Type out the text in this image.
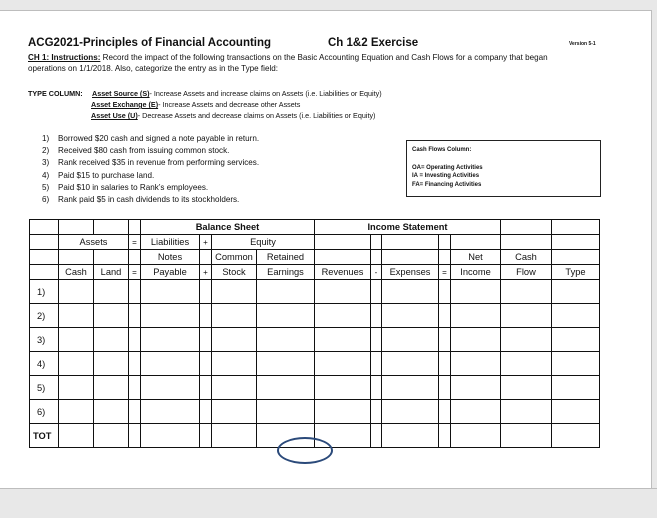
ACG2021-Principles of Financial Accounting	Ch 1&2 Exercise	Version 5-1
CH 1: Instructions: Record the impact of the following transactions on the Basic Accounting Equation and Cash Flows for a company that began
operations on 1/1/2018. Also, categorize the entry as in the Type field:
TYPE COLUMN: Asset Source (S)- Increase Assets and increase claims on Assets (i.e. Liabilities or Equity)
Asset Exchange (E)- Increase Assets and decrease other Assets
Asset Use (U)- Decrease Assets and decrease claims on Assets (i.e. Liabilities or Equity)
1) Borrowed $20 cash and signed a note payable in return.
2) Received $80 cash from issuing common stock.
3) Rank received $35 in revenue from performing services.
4) Paid $15 to purchase land.
5) Paid $10 in salaries to Rank’s employees.
6) Rank paid $5 in cash dividends to its stockholders.
Cash Flows Column:
OA= Operating Activities
IA = Investing Activities
FA= Financing Activities
				Balance Sheet				Income Statement						
	Assets		=	Liabilities	+	Equity								
				Notes		Common	Retained					Net	Cash	
	Cash	Land	=	Payable	+	Stock	Earnings	Revenues	-	Expenses	=	Income	Flow	Type
1)														
2)														
3)														
4)														
5)														
6)														
TOT														
